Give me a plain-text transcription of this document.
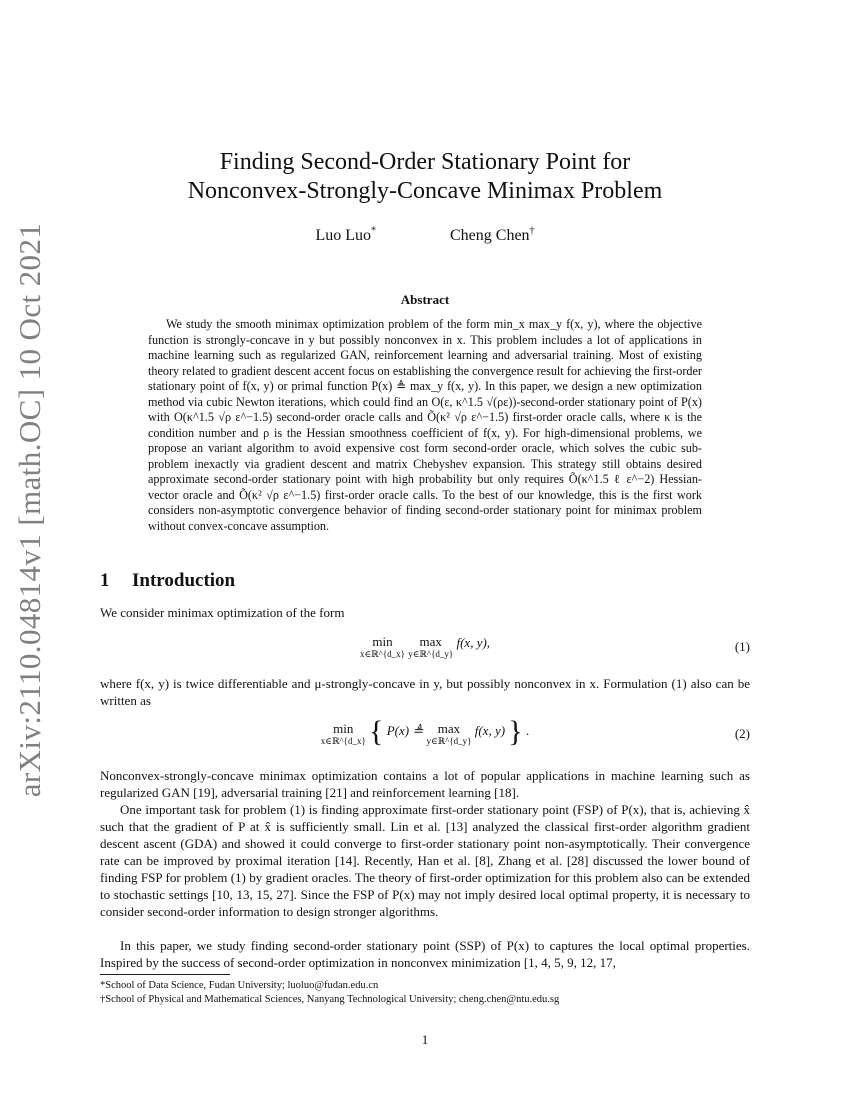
arXiv:2110.04814v1 [math.OC] 10 Oct 2021
Finding Second-Order Stationary Point for
Nonconvex-Strongly-Concave Minimax Problem
Luo Luo*	Cheng Chen†
Abstract

We study the smooth minimax optimization problem of the form min_x max_y f(x, y), where the objective function is strongly-concave in y but possibly nonconvex in x. This problem includes a lot of applications in machine learning such as regularized GAN, reinforcement learning and adversarial training. Most of existing theory related to gradient descent accent focus on establishing the convergence result for achieving the first-order stationary point of f(x, y) or primal function P(x) ≜ max_y f(x, y). In this paper, we design a new optimization method via cubic Newton iterations, which could find an O(ε, κ^1.5 √(ρε))-second-order stationary point of P(x) with O(κ^1.5 √ρ ε^−1.5) second-order oracle calls and Õ(κ² √ρ ε^−1.5) first-order oracle calls, where κ is the condition number and ρ is the Hessian smoothness coefficient of f(x, y). For high-dimensional problems, we propose an variant algorithm to avoid expensive cost form second-order oracle, which solves the cubic sub-problem inexactly via gradient descent and matrix Chebyshev expansion. This strategy still obtains desired approximate second-order stationary point with high probability but only requires Õ(κ^1.5 ℓ ε^−2) Hessian-vector oracle and Õ(κ² √ρ ε^−1.5) first-order oracle calls. To the best of our knowledge, this is the first work considers non-asymptotic convergence behavior of finding second-order stationary point for minimax problem without convex-concave assumption.

1 Introduction

We consider minimax optimization of the form

min
x∈ℝ^{d_x}
max
y∈ℝ^{d_y}
f(x, y),	(1)

where f(x, y) is twice differentiable and μ-strongly-concave in y, but possibly nonconvex in x. Formulation (1) also can be written as

min
x∈ℝ^{d_x} { P(x) ≜ max
y∈ℝ^{d_y}
f(x, y) } .	(2)

Nonconvex-strongly-concave minimax optimization contains a lot of popular applications in machine learning such as regularized GAN [19], adversarial training [21] and reinforcement learning [18].

One important task for problem (1) is finding approximate first-order stationary point (FSP) of P(x), that is, achieving x̂ such that the gradient of P at x̂ is sufficiently small. Lin et al. [13] analyzed the classical first-order algorithm gradient descent ascent (GDA) and showed it could converge to first-order stationary point non-asymptotically. Their convergence rate can be improved by proximal iteration [14]. Recently, Han et al. [8], Zhang et al. [28] discussed the lower bound of finding FSP for problem (1) by gradient oracles. The theory of first-order optimization for this problem also can be extended to stochastic settings [10, 13, 15, 27]. Since the FSP of P(x) may not imply desired local optimal property, it is necessary to consider second-order information to design stronger algorithms.

In this paper, we study finding second-order stationary point (SSP) of P(x) to captures the local optimal properties. Inspired by the success of second-order optimization in nonconvex minimization [1, 4, 5, 9, 12, 17,

*School of Data Science, Fudan University; luoluo@fudan.edu.cn
†School of Physical and Mathematical Sciences, Nanyang Technological University; cheng.chen@ntu.edu.sg
1
